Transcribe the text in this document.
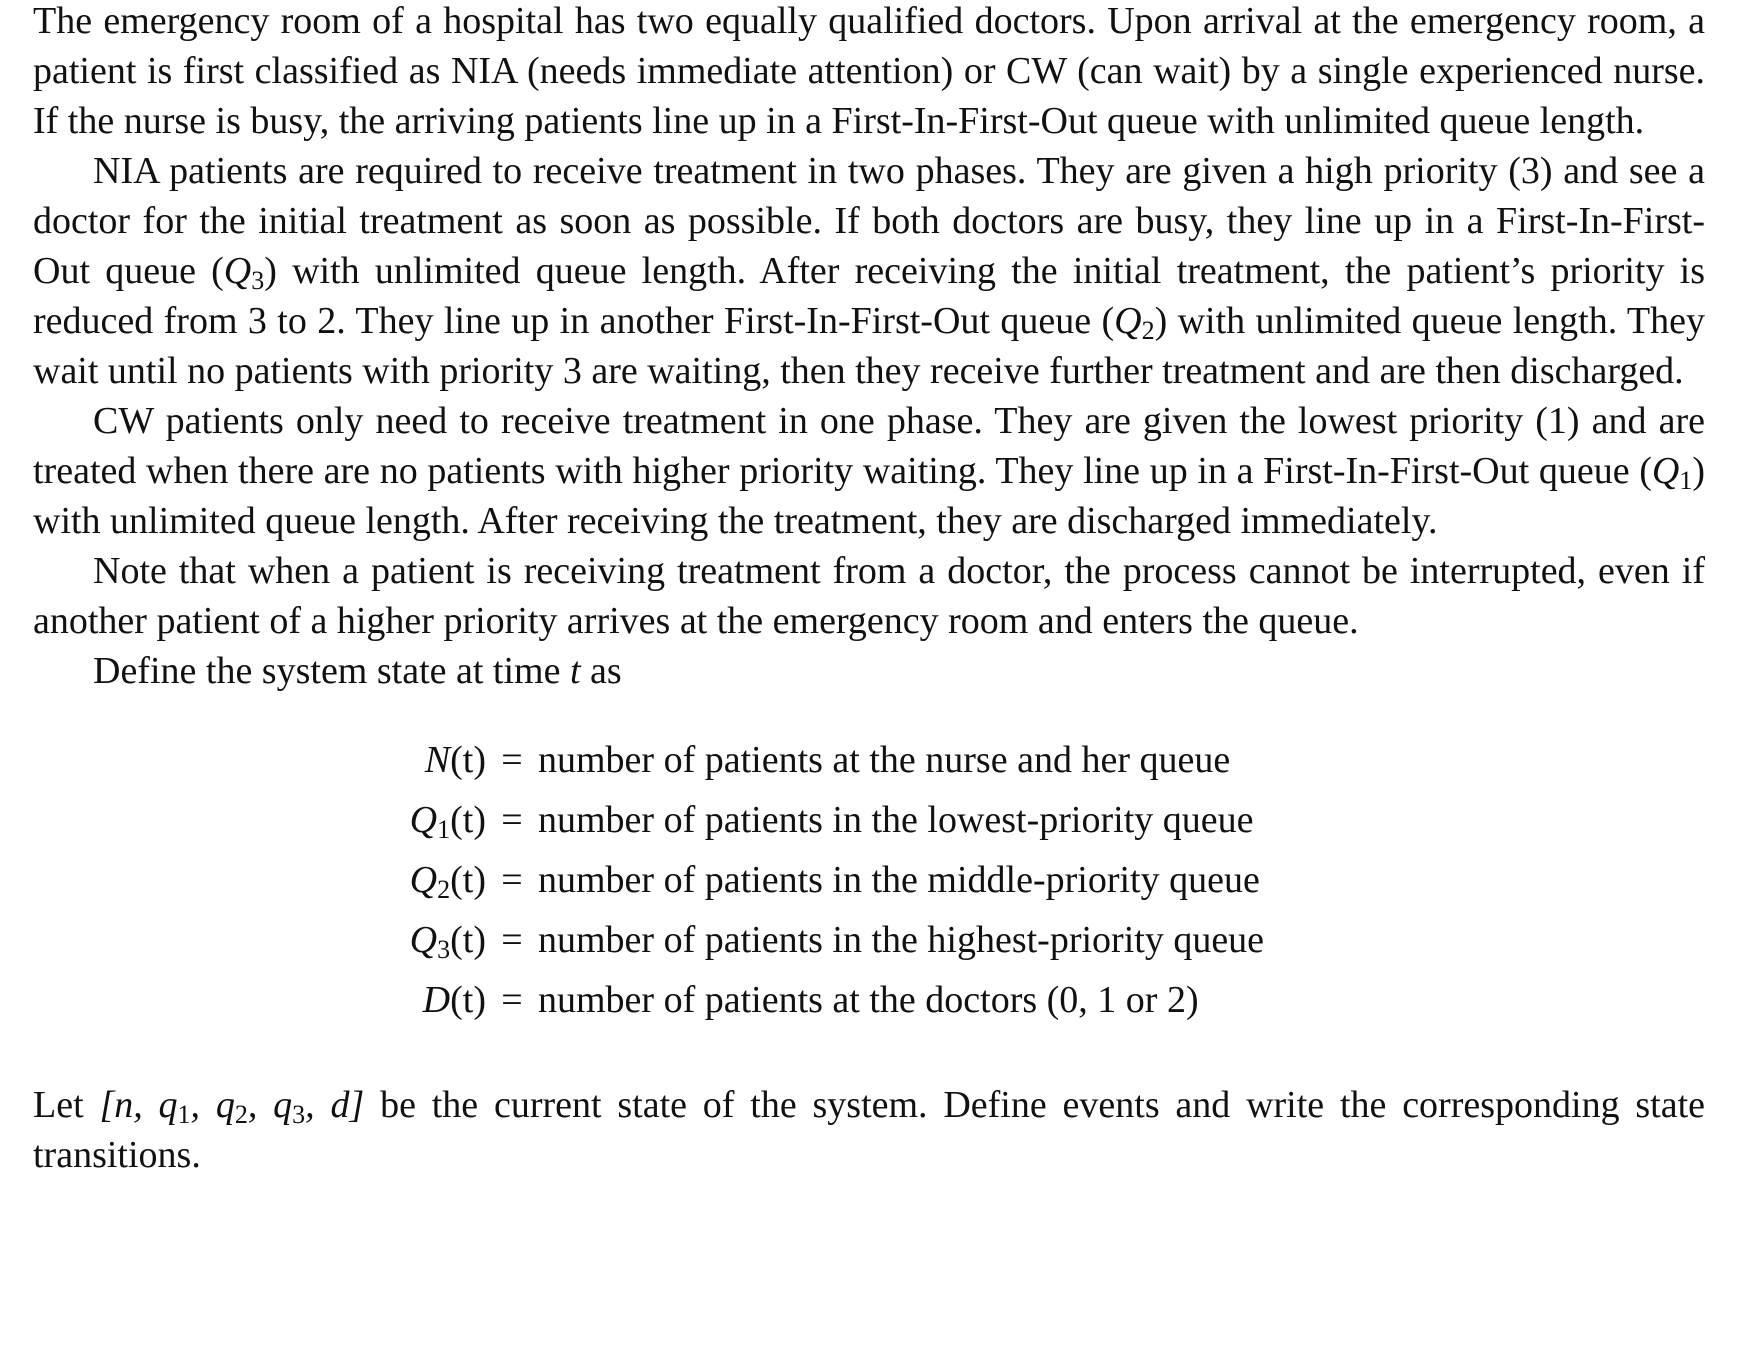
The emergency room of a hospital has two equally qualified doctors. Upon arrival at the emergency room, a patient is first classified as NIA (needs immediate attention) or CW (can wait) by a single experienced nurse. If the nurse is busy, the arriving patients line up in a First-In-First-Out queue with unlimited queue length.

NIA patients are required to receive treatment in two phases. They are given a high priority (3) and see a doctor for the initial treatment as soon as possible. If both doctors are busy, they line up in a First-In-First-Out queue $(Q_3)$ with unlimited queue length. After receiving the initial treatment, the patient’s priority is reduced from 3 to 2. They line up in another First-In-First-Out queue $(Q_2)$ with unlimited queue length. They wait until no patients with priority 3 are waiting, then they receive further treatment and are then discharged.

CW patients only need to receive treatment in one phase. They are given the lowest priority (1) and are treated when there are no patients with higher priority waiting. They line up in a First-In-First-Out queue $(Q_1)$ with unlimited queue length. After receiving the treatment, they are discharged immediately.

Note that when a patient is receiving treatment from a doctor, the process cannot be interrupted, even if another patient of a higher priority arrives at the emergency room and enters the queue.

Define the system state at time t as

N(t) = number of patients at the nurse and her queue
$Q_1(t)$ = number of patients in the lowest-priority queue
$Q_2(t)$ = number of patients in the middle-priority queue
$Q_3(t)$ = number of patients in the highest-priority queue
D(t) = number of patients at the doctors (0, 1 or 2)

Let [n, $q_1$, $q_2$, $q_3$, d] be the current state of the system. Define events and write the corresponding state transitions.
